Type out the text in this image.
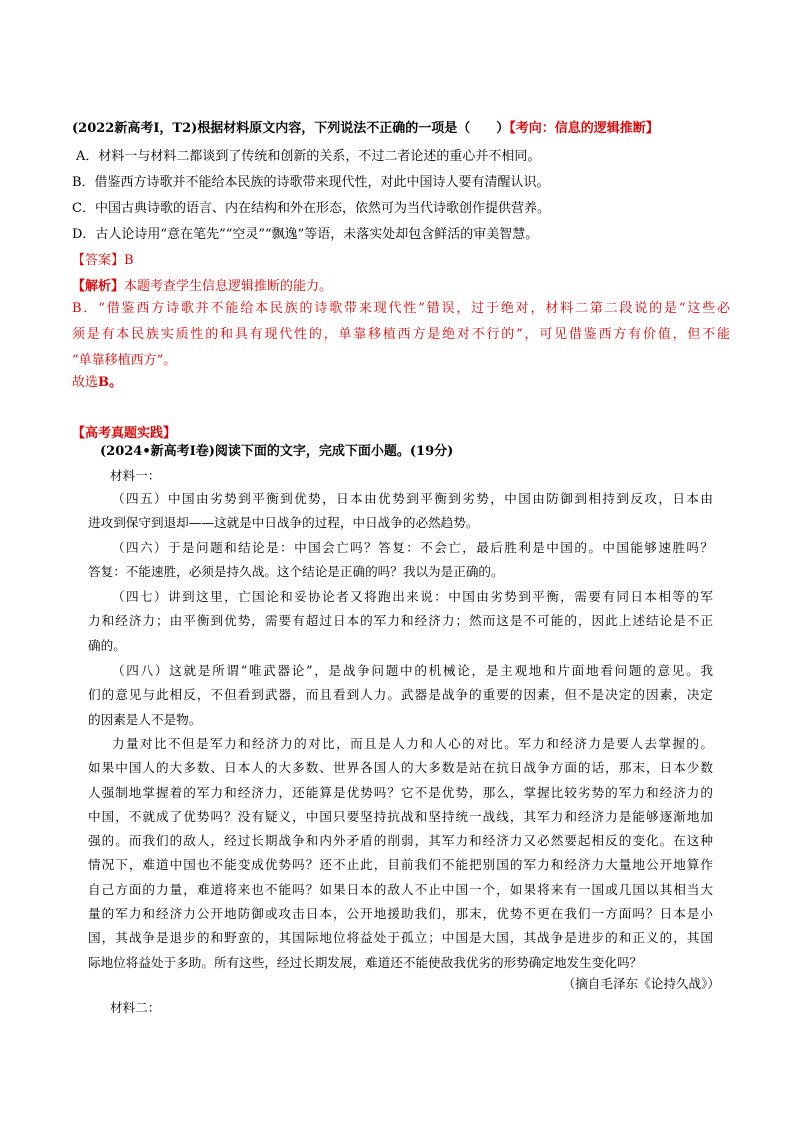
(2022新高考Ⅰ，T2)根据材料原文内容，下列说法不正确的一项是（　　）【考向：信息的逻辑推断】
A．材料一与材料二都谈到了传统和创新的关系，不过二者论述的重心并不相同。
B．借鉴西方诗歌并不能给本民族的诗歌带来现代性，对此中国诗人要有清醒认识。
C．中国古典诗歌的语言、内在结构和外在形态，依然可为当代诗歌创作提供营养。
D．古人论诗用“意在笔先”“空灵”“飘逸”等语，未落实处却包含鲜活的审美智慧。
【答案】B
【解析】本题考查学生信息逻辑推断的能力。
B．“借鉴西方诗歌并不能给本民族的诗歌带来现代性”错误，过于绝对，材料二第二段说的是“这些必
须是有本民族实质性的和具有现代性的，单靠移植西方是绝对不行的”，可见借鉴西方有价值，但不能
“单靠移植西方”。
故选B。
【高考真题实践】
(2024•新高考Ⅰ卷)阅读下面的文字，完成下面小题。(19分)
材料一：
（四五）中国由劣势到平衡到优势，日本由优势到平衡到劣势，中国由防御到相持到反攻，日本由
进攻到保守到退却——这就是中日战争的过程，中日战争的必然趋势。
（四六）于是问题和结论是：中国会亡吗？答复：不会亡，最后胜利是中国的。中国能够速胜吗？
答复：不能速胜，必须是持久战。这个结论是正确的吗？我以为是正确的。
（四七）讲到这里，亡国论和妥协论者又将跑出来说：中国由劣势到平衡，需要有同日本相等的军
力和经济力；由平衡到优势，需要有超过日本的军力和经济力；然而这是不可能的，因此上述结论是不正
确的。
（四八）这就是所谓“唯武器论”，是战争问题中的机械论，是主观地和片面地看问题的意见。我
们的意见与此相反，不但看到武器，而且看到人力。武器是战争的重要的因素，但不是决定的因素，决定
的因素是人不是物。
力量对比不但是军力和经济力的对比，而且是人力和人心的对比。军力和经济力是要人去掌握的。
如果中国人的大多数、日本人的大多数、世界各国人的大多数是站在抗日战争方面的话，那末，日本少数
人强制地掌握着的军力和经济力，还能算是优势吗？它不是优势，那么，掌握比较劣势的军力和经济力的
中国，不就成了优势吗？没有疑义，中国只要坚持抗战和坚持统一战线，其军力和经济力是能够逐渐地加
强的。而我们的敌人，经过长期战争和内外矛盾的削弱，其军力和经济力又必然要起相反的变化。在这种
情况下，难道中国也不能变成优势吗？还不止此，目前我们不能把别国的军力和经济力大量地公开地算作
自己方面的力量，难道将来也不能吗？如果日本的敌人不止中国一个，如果将来有一国或几国以其相当大
量的军力和经济力公开地防御或攻击日本，公开地援助我们，那末，优势不更在我们一方面吗？日本是小
国，其战争是退步的和野蛮的，其国际地位将益处于孤立；中国是大国，其战争是进步的和正义的，其国
际地位将益处于多助。所有这些，经过长期发展，难道还不能使敌我优劣的形势确定地发生变化吗？
（摘自毛泽东《论持久战》）
材料二：
